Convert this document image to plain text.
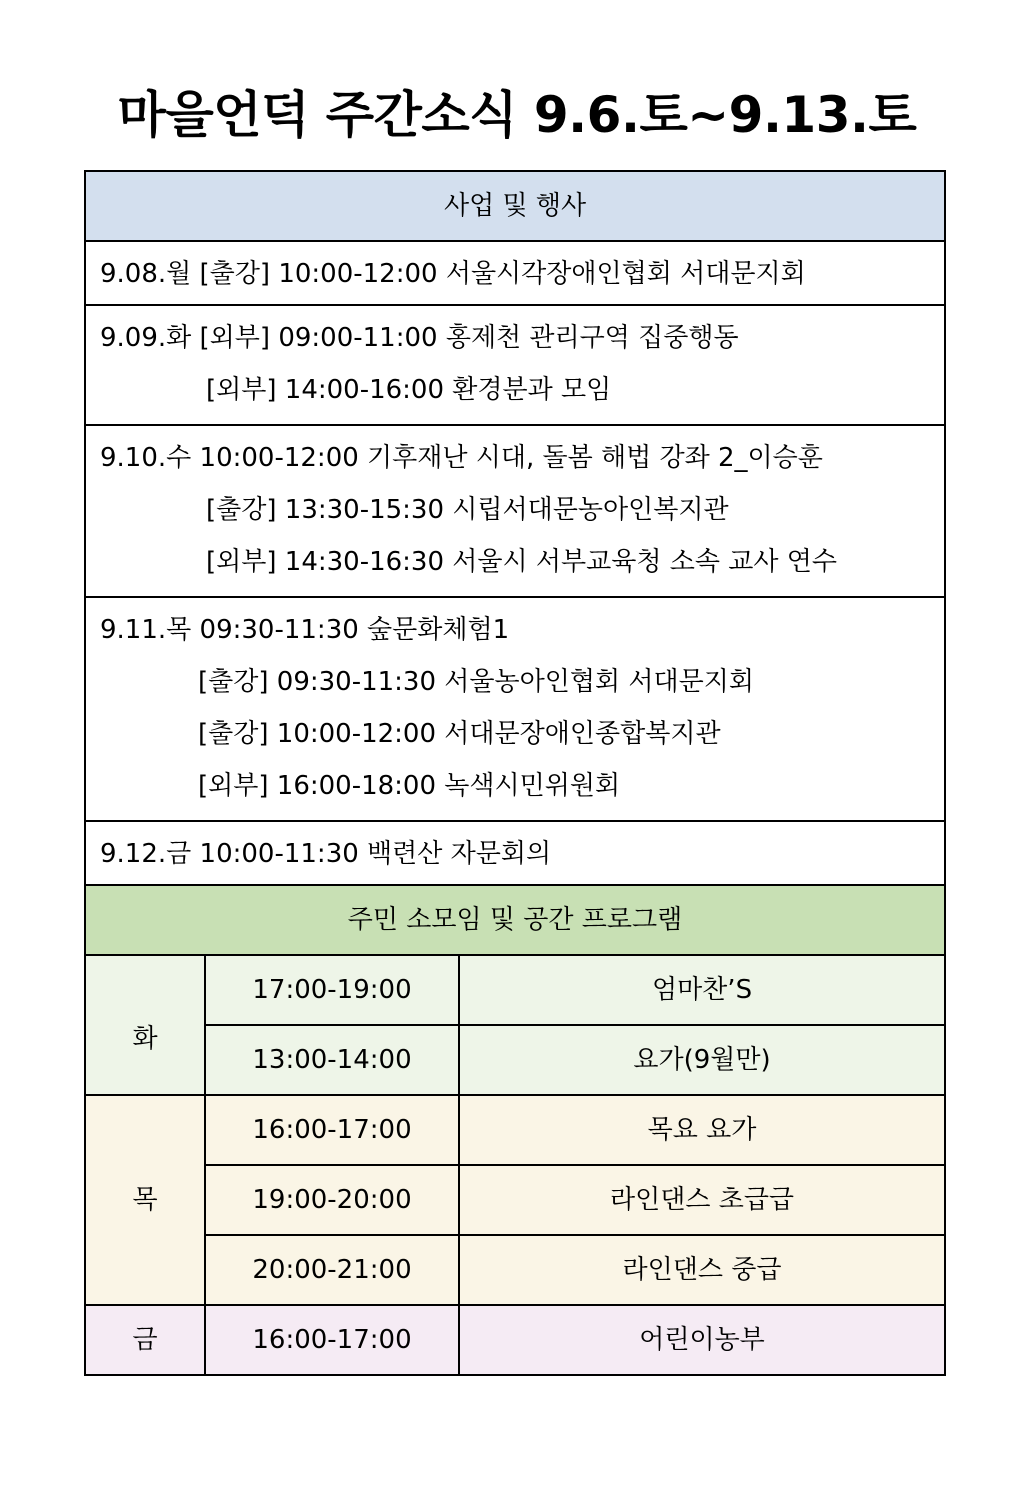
마을언덕 주간소식 9.6.토~9.13.토
사업 및 행사		

9.08.월 [출강] 10:00-12:00 서울시각장애인협회 서대문지회		

9.09.화 [외부] 09:00-11:00 홍제천 관리구역 집중행동
[외부] 14:00-16:00 환경분과 모임		

9.10.수 10:00-12:00 기후재난 시대, 돌봄 해법 강좌 2_이승훈
[출강] 13:30-15:30 시립서대문농아인복지관
[외부] 14:30-16:30 서울시 서부교육청 소속 교사 연수		

9.11.목 09:30-11:30 숲문화체험1
[출강] 09:30-11:30 서울농아인협회 서대문지회
[출강] 10:00-12:00 서대문장애인종합복지관
[외부] 16:00-18:00 녹색시민위원회		

9.12.금 10:00-11:30 백련산 자문회의		

주민 소모임 및 공간 프로그램		
화	17:00-19:00	엄마찬’S
	13:00-14:00	요가(9월만)
목	16:00-17:00	목요 요가
	19:00-20:00	라인댄스 초급급
	20:00-21:00	라인댄스 중급
금	16:00-17:00	어린이농부
